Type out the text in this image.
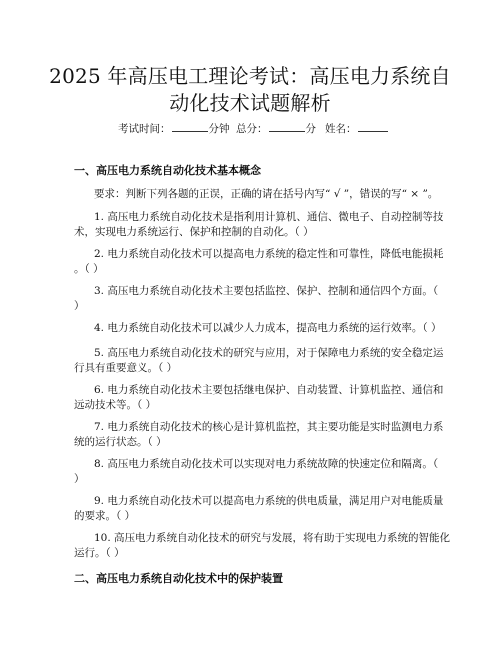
2025 年高压电工理论考试：高压电力系统自
动化技术试题解析
考试时间：	分钟 总分：	分 姓名：
一、高压电力系统自动化技术基本概念
要求：判断下列各题的正误，正确的请在括号内写“ √ ”，错误的写“ × ”。
1. 高压电力系统自动化技术是指利用计算机、通信、微电子、自动控制等技
术，实现电力系统运行、保护和控制的自动化。（ ）
2. 电力系统自动化技术可以提高电力系统的稳定性和可靠性，降低电能损耗
。（ ）
3. 高压电力系统自动化技术主要包括监控、保护、控制和通信四个方面。（
）
4. 电力系统自动化技术可以减少人力成本，提高电力系统的运行效率。（ ）
5. 高压电力系统自动化技术的研究与应用，对于保障电力系统的安全稳定运
行具有重要意义。（ ）
6. 电力系统自动化技术主要包括继电保护、自动装置、计算机监控、通信和
远动技术等。（ ）
7. 电力系统自动化技术的核心是计算机监控，其主要功能是实时监测电力系
统的运行状态。（ ）
8. 高压电力系统自动化技术可以实现对电力系统故障的快速定位和隔离。（
）
9. 电力系统自动化技术可以提高电力系统的供电质量，满足用户对电能质量
的要求。（ ）
10. 高压电力系统自动化技术的研究与发展，将有助于实现电力系统的智能化
运行。（ ）
二、高压电力系统自动化技术中的保护装置
